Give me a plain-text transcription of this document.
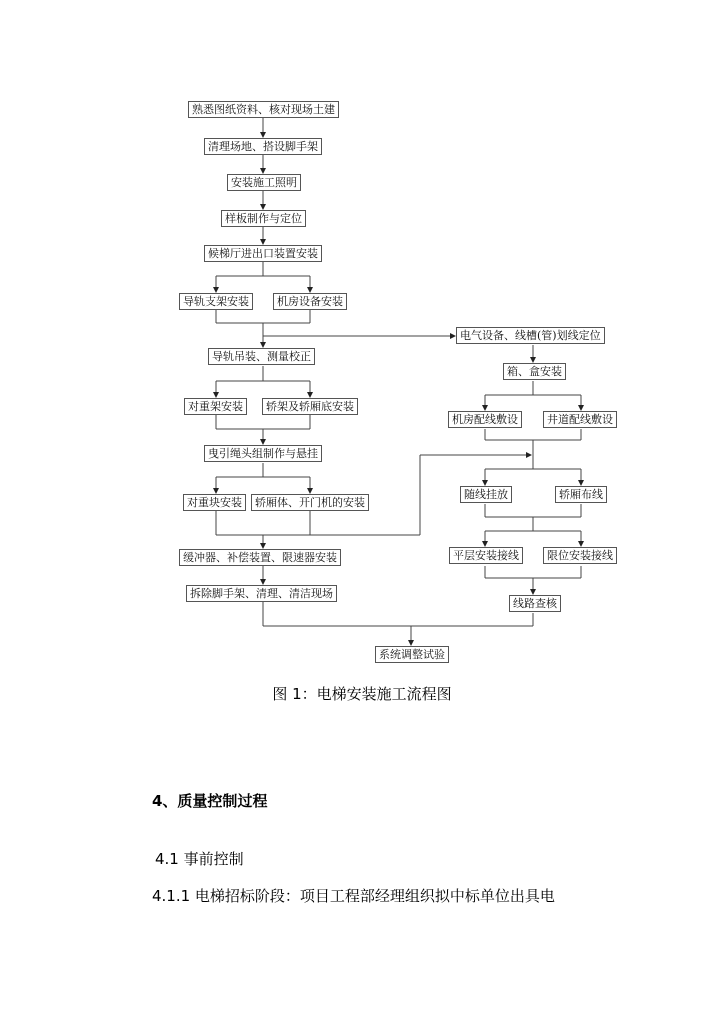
熟悉图纸资料、核对现场土建
清理场地、搭设脚手架
安装施工照明
样板制作与定位
候梯厅进出口装置安装
导轨支架安装	机房设备安装
导轨吊装、测量校正
对重架安装	轿架及轿厢底安装
曳引绳头组制作与悬挂
对重块安装	轿厢体、开门机的安装
缓冲器、补偿装置、限速器安装
拆除脚手架、清理、清洁现场
电气设备、线槽(管)划线定位
箱、盒安装
机房配线敷设	井道配线敷设
随线挂放	轿厢布线
平层安装接线	限位安装接线
线路查核
系统调整试验
图 1：电梯安装施工流程图
4、质量控制过程
4.1 事前控制
4.1.1 电梯招标阶段：项目工程部经理组织拟中标单位出具电
